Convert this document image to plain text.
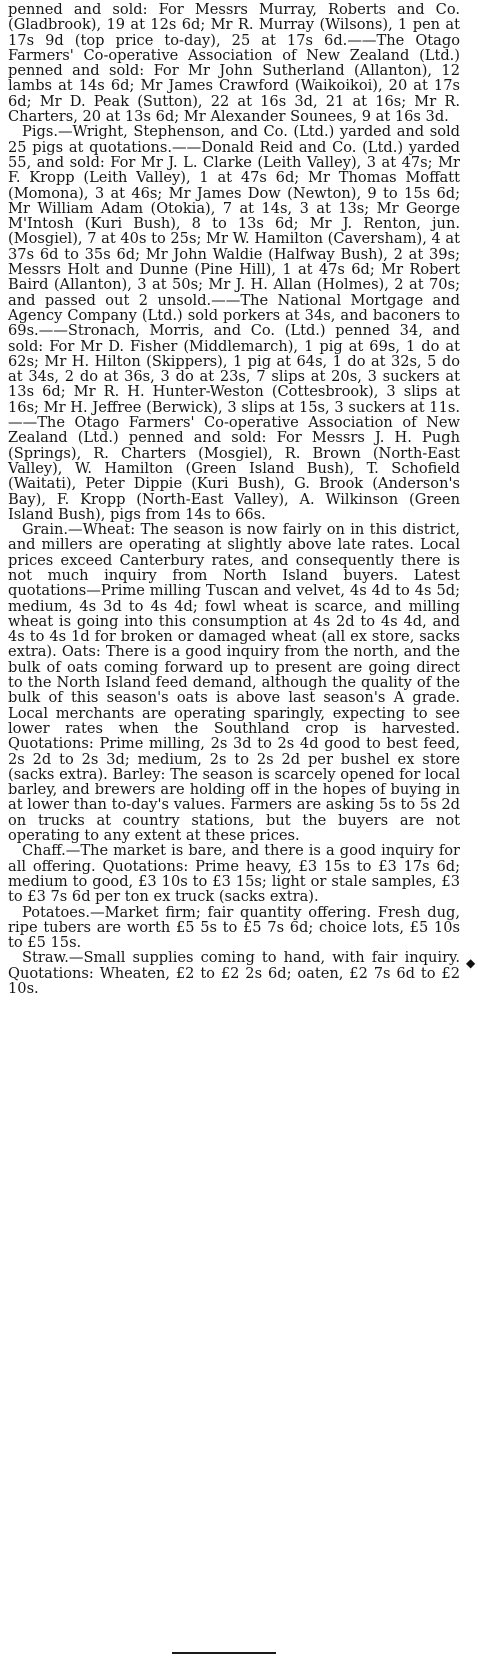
penned and sold: For Messrs Murray, Roberts and Co. (Gladbrook), 19 at 12s 6d; Mr R. Murray (Wilsons), 1 pen at 17s 9d (top price to-day), 25 at 17s 6d.——The Otago Farmers' Co-operative Association of New Zealand (Ltd.) penned and sold: For Mr John Sutherland (Allanton), 12 lambs at 14s 6d; Mr James Crawford (Waikoikoi), 20 at 17s 6d; Mr D. Peak (Sutton), 22 at 16s 3d, 21 at 16s; Mr R. Charters, 20 at 13s 6d; Mr Alexander Sounees, 9 at 16s 3d.

Pigs.—Wright, Stephenson, and Co. (Ltd.) yarded and sold 25 pigs at quotations.——Donald Reid and Co. (Ltd.) yarded 55, and sold: For Mr J. L. Clarke (Leith Valley), 3 at 47s; Mr F. Kropp (Leith Valley), 1 at 47s 6d; Mr Thomas Moffatt (Momona), 3 at 46s; Mr James Dow (Newton), 9 to 15s 6d; Mr William Adam (Otokia), 7 at 14s, 3 at 13s; Mr George M'Intosh (Kuri Bush), 8 to 13s 6d; Mr J. Renton, jun. (Mosgiel), 7 at 40s to 25s; Mr W. Hamilton (Caversham), 4 at 37s 6d to 35s 6d; Mr John Waldie (Halfway Bush), 2 at 39s; Messrs Holt and Dunne (Pine Hill), 1 at 47s 6d; Mr Robert Baird (Allanton), 3 at 50s; Mr J. H. Allan (Holmes), 2 at 70s; and passed out 2 unsold.——The National Mortgage and Agency Company (Ltd.) sold porkers at 34s, and baconers to 69s.——Stronach, Morris, and Co. (Ltd.) penned 34, and sold: For Mr D. Fisher (Middlemarch), 1 pig at 69s, 1 do at 62s; Mr H. Hilton (Skippers), 1 pig at 64s, 1 do at 32s, 5 do at 34s, 2 do at 36s, 3 do at 23s, 7 slips at 20s, 3 suckers at 13s 6d; Mr R. H. Hunter-Weston (Cottesbrook), 3 slips at 16s; Mr H. Jeffree (Berwick), 3 slips at 15s, 3 suckers at 11s.——The Otago Farmers' Co-operative Association of New Zealand (Ltd.) penned and sold: For Messrs J. H. Pugh (Springs), R. Charters (Mosgiel), R. Brown (North-East Valley), W. Hamilton (Green Island Bush), T. Schofield (Waitati), Peter Dippie (Kuri Bush), G. Brook (Anderson's Bay), F. Kropp (North-East Valley), A. Wilkinson (Green Island Bush), pigs from 14s to 66s.

Grain.—Wheat: The season is now fairly on in this district, and millers are operating at slightly above late rates. Local prices exceed Canterbury rates, and consequently there is not much inquiry from North Island buyers. Latest quotations—Prime milling Tuscan and velvet, 4s 4d to 4s 5d; medium, 4s 3d to 4s 4d; fowl wheat is scarce, and milling wheat is going into this consumption at 4s 2d to 4s 4d, and 4s to 4s 1d for broken or damaged wheat (all ex store, sacks extra). Oats: There is a good inquiry from the north, and the bulk of oats coming forward up to present are going direct to the North Island feed demand, although the quality of the bulk of this season's oats is above last season's A grade. Local merchants are operating sparingly, expecting to see lower rates when the Southland crop is harvested. Quotations: Prime milling, 2s 3d to 2s 4d good to best feed, 2s 2d to 2s 3d; medium, 2s to 2s 2d per bushel ex store (sacks extra). Barley: The season is scarcely opened for local barley, and brewers are holding off in the hopes of buying in at lower than to-day's values. Farmers are asking 5s to 5s 2d on trucks at country stations, but the buyers are not operating to any extent at these prices.

Chaff.—The market is bare, and there is a good inquiry for all offering. Quotations: Prime heavy, £3 15s to £3 17s 6d; medium to good, £3 10s to £3 15s; light or stale samples, £3 to £3 7s 6d per ton ex truck (sacks extra).

Potatoes.—Market firm; fair quantity offering. Fresh dug, ripe tubers are worth £5 5s to £5 7s 6d; choice lots, £5 10s to £5 15s.

Straw.—Small supplies coming to hand, with fair inquiry. Quotations: Wheaten, £2 to £2 2s 6d; oaten, £2 7s 6d to £2 10s.

◆
